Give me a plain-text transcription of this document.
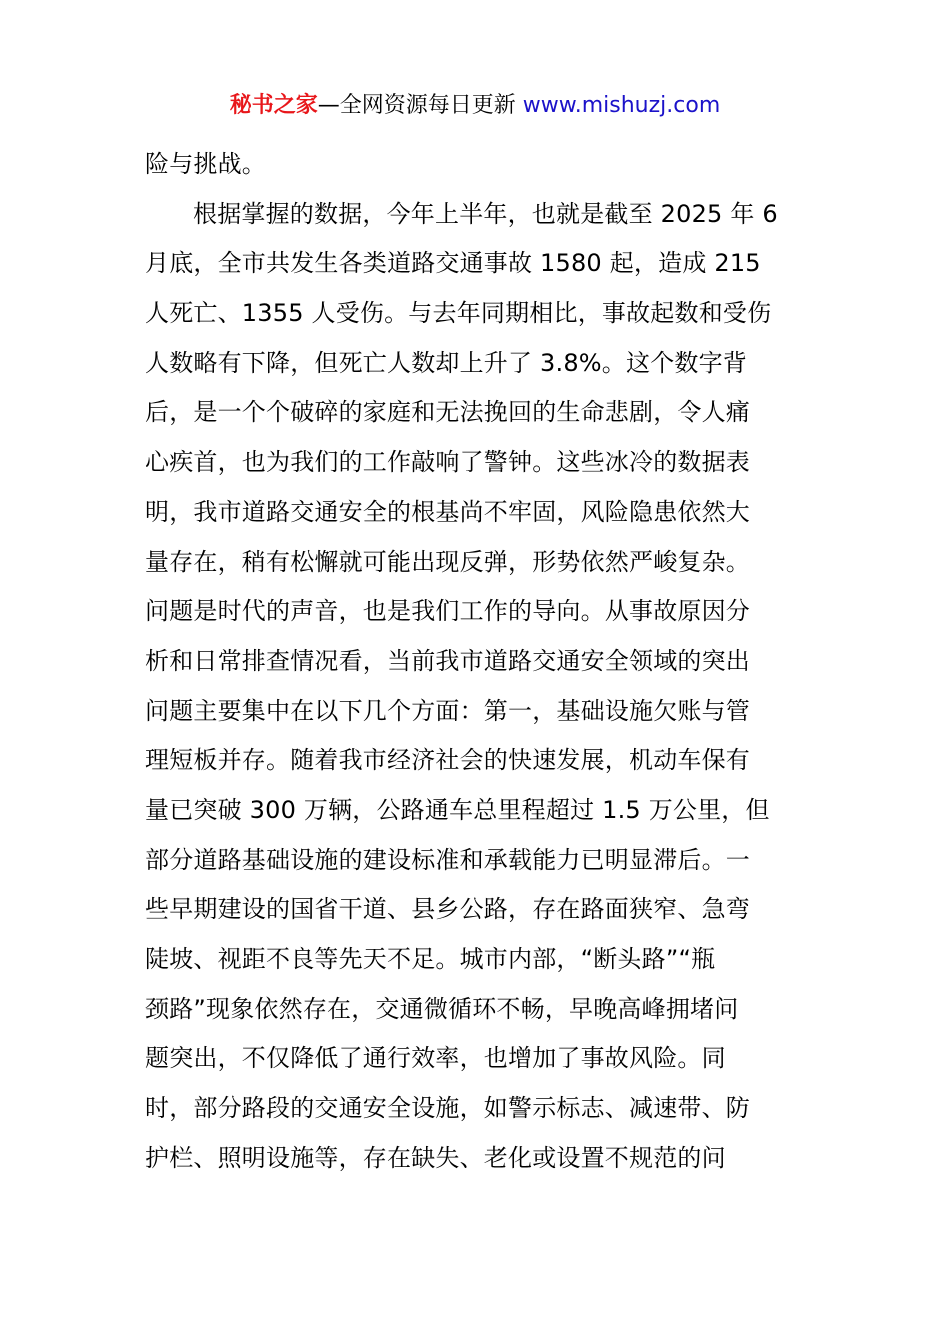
秘书之家—全网资源每日更新 www.mishuzj.com
险与挑战。
根据掌握的数据，今年上半年，也就是截至 2025 年 6
月底，全市共发生各类道路交通事故 1580 起，造成 215
人死亡、1355 人受伤。与去年同期相比，事故起数和受伤
人数略有下降，但死亡人数却上升了 3.8%。这个数字背
后，是一个个破碎的家庭和无法挽回的生命悲剧，令人痛
心疾首，也为我们的工作敲响了警钟。这些冰冷的数据表
明，我市道路交通安全的根基尚不牢固，风险隐患依然大
量存在，稍有松懈就可能出现反弹，形势依然严峻复杂。
问题是时代的声音，也是我们工作的导向。从事故原因分
析和日常排查情况看，当前我市道路交通安全领域的突出
问题主要集中在以下几个方面：第一，基础设施欠账与管
理短板并存。随着我市经济社会的快速发展，机动车保有
量已突破 300 万辆，公路通车总里程超过 1.5 万公里，但
部分道路基础设施的建设标准和承载能力已明显滞后。一
些早期建设的国省干道、县乡公路，存在路面狭窄、急弯
陡坡、视距不良等先天不足。城市内部，“断头路”“瓶
颈路”现象依然存在，交通微循环不畅，早晚高峰拥堵问
题突出，不仅降低了通行效率，也增加了事故风险。同
时，部分路段的交通安全设施，如警示标志、减速带、防
护栏、照明设施等，存在缺失、老化或设置不规范的问
